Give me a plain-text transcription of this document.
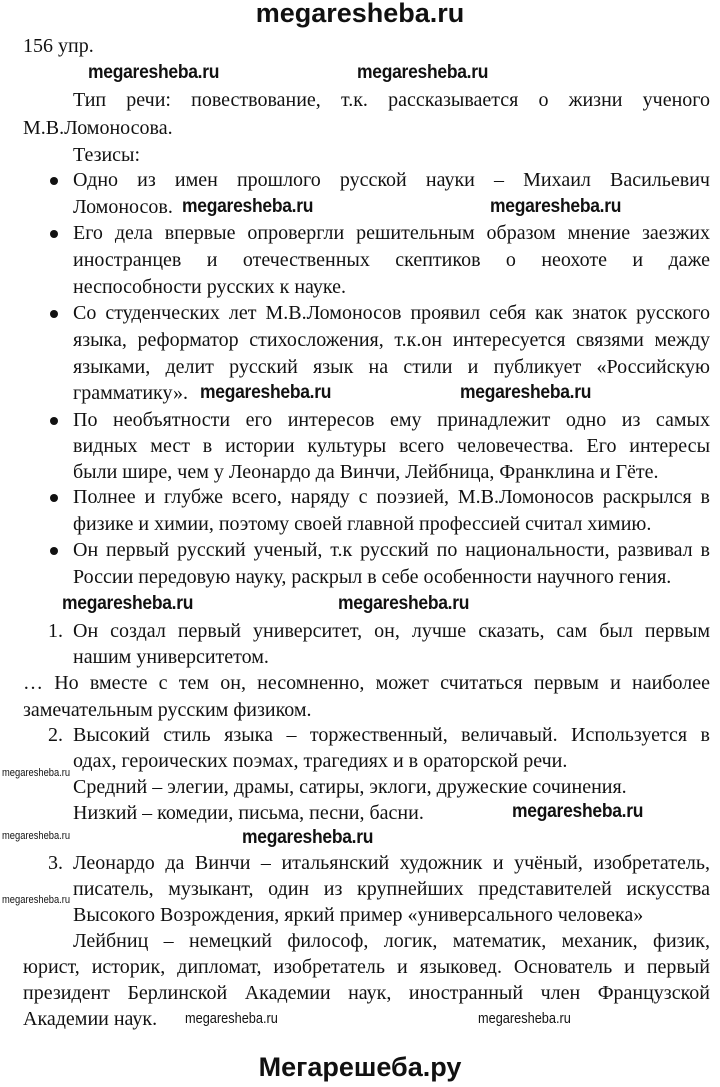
megaresheba.ru
156 упр.
megaresheba.ru	megaresheba.ru
Тип речи: повествование, т.к. рассказывается о жизни ученого
М.В.Ломоносова.
Тезисы:
Одно из имен прошлого русской науки – Михаил Васильевич
Ломоносов. megaresheba.ru	megaresheba.ru
Его дела впервые опровергли решительным образом мнение заезжих
иностранцев и отечественных скептиков о неохоте и даже
неспособности русских к науке.
Со студенческих лет М.В.Ломоносов проявил себя как знаток русского
языка, реформатор стихосложения, т.к.он интересуется связями между
языками, делит русский язык на стили и публикует «Российскую
грамматику». megaresheba.ru	megaresheba.ru
По необъятности его интересов ему принадлежит одно из самых
видных мест в истории культуры всего человечества. Его интересы
были шире, чем у Леонардо да Винчи, Лейбница, Франклина и Гёте.
Полнее и глубже всего, наряду с поэзией, М.В.Ломоносов раскрылся в
физике и химии, поэтому своей главной профессией считал химию.
Он первый русский ученый, т.к русский по национальности, развивал в
России передовую науку, раскрыл в себе особенности научного гения.
megaresheba.ru	megaresheba.ru
1. Он создал первый университет, он, лучше сказать, сам был первым
нашим университетом.
… Но вместе с тем он, несомненно, может считаться первым и наиболее
замечательным русским физиком.
2. Высокий стиль языка – торжественный, величавый. Используется в
одах, героических поэмах, трагедиях и в ораторской речи.
megaresheba.ru
Средний – элегии, драмы, сатиры, эклоги, дружеские сочинения.
megaresheba.ru
Низкий – комедии, письма, песни, басни.
megaresheba.ru	megaresheba.ru
3. Леонардо да Винчи – итальянский художник и учёный, изобретатель,
писатель, музыкант, один из крупнейших представителей искусства
megaresheba.ru
Высокого Возрождения, яркий пример «универсального человека»
Лейбниц – немецкий философ, логик, математик, механик, физик,
юрист, историк, дипломат, изобретатель и языковед. Основатель и первый
президент Берлинской Академии наук, иностранный член Французской
Академии наук. megaresheba.ru	megaresheba.ru
Мегарешеба.ру
